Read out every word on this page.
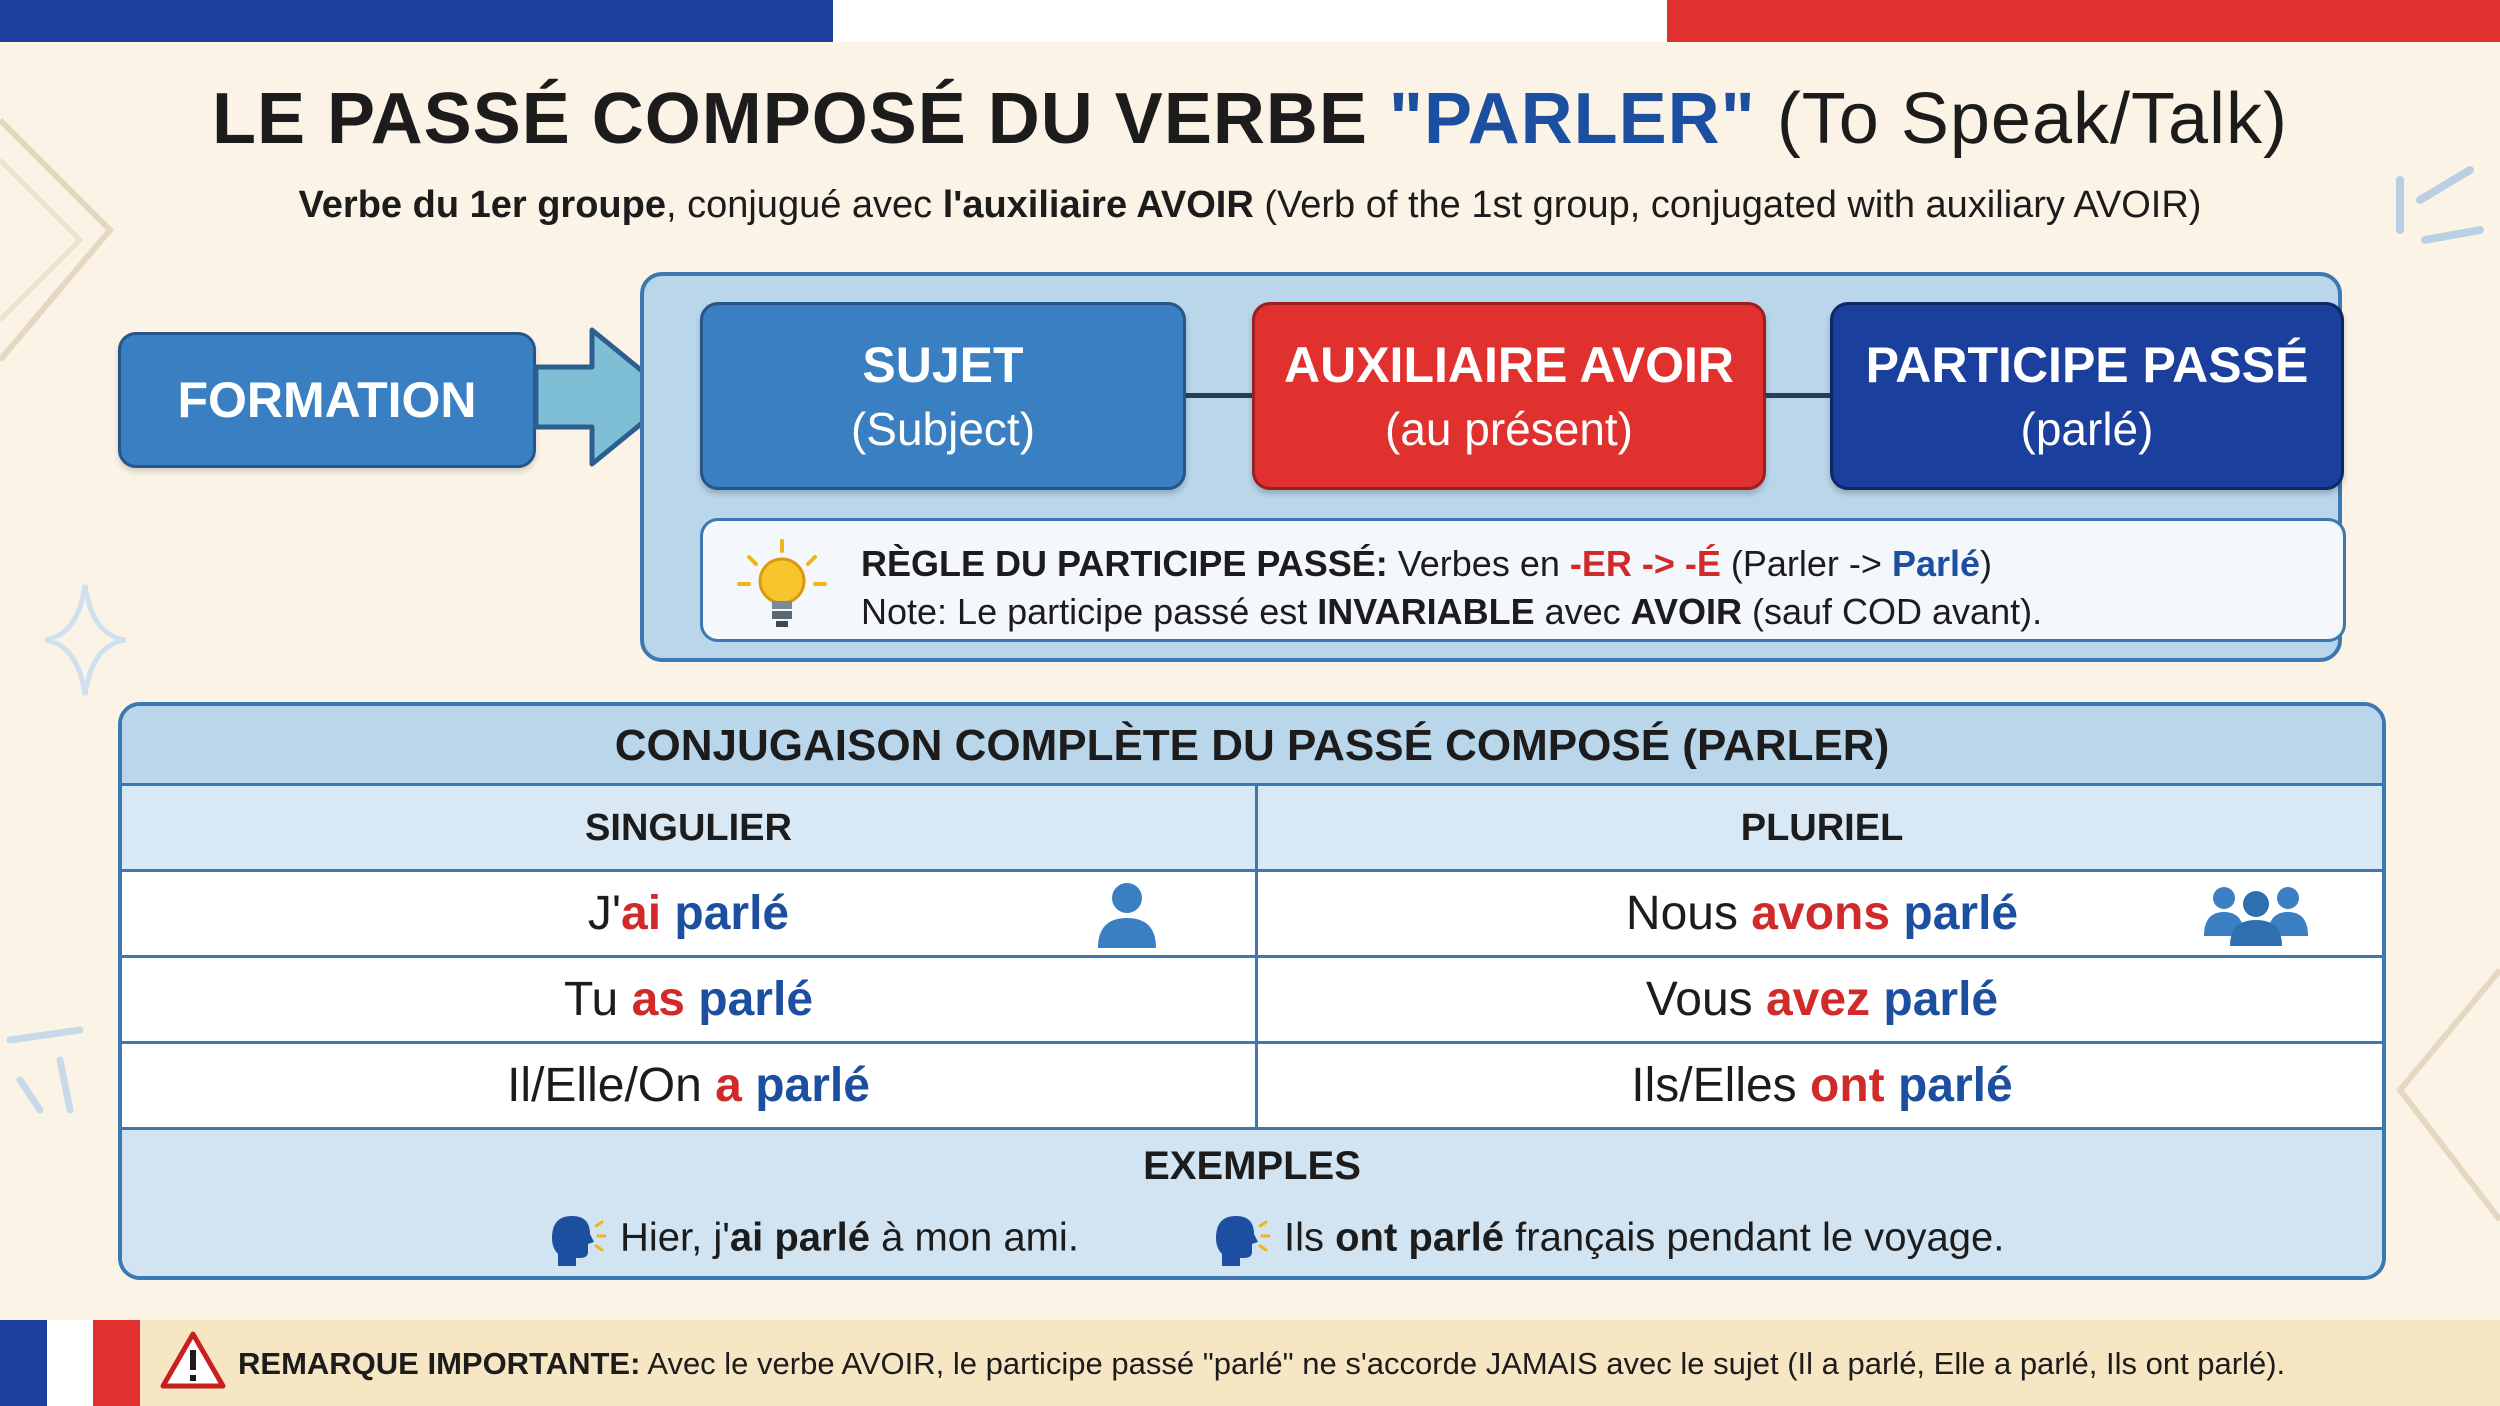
LE PASSÉ COMPOSÉ DU VERBE "PARLER" (To Speak/Talk)
Verbe du 1er groupe, conjugué avec l'auxiliaire AVOIR (Verb of the 1st group, conjugated with auxiliary AVOIR)
FORMATION
SUJET
(Subject)
AUXILIAIRE AVOIR
(au présent)
PARTICIPE PASSÉ
(parlé)
RÈGLE DU PARTICIPE PASSÉ: Verbes en -ER -> -É (Parler -> Parlé)
Note: Le participe passé est INVARIABLE avec AVOIR (sauf COD avant).
CONJUGAISON COMPLÈTE DU PASSÉ COMPOSÉ (PARLER)
SINGULIER	PLURIEL
J'ai parlé
Tu as parlé
Il/Elle/On a parlé
Nous avons parlé
Vous avez parlé
Ils/Elles ont parlé
EXEMPLES
Hier, j'ai parlé à mon ami.	Ils ont parlé français pendant le voyage.
REMARQUE IMPORTANTE: Avec le verbe AVOIR, le participe passé "parlé" ne s'accorde JAMAIS avec le sujet (Il a parlé, Elle a parlé, Ils ont parlé).
